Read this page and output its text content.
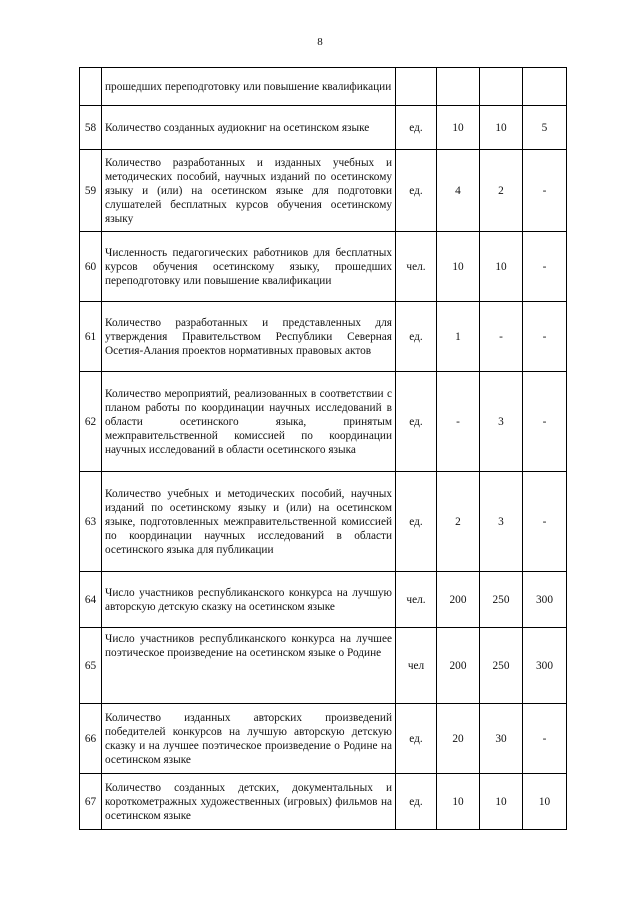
8
	прошедших переподготовку или повышение квалификации				
58	Количество созданных аудиокниг на осетинском языке	ед.	10	10	5
59	Количество разработанных и изданных учебных и методических пособий, научных изданий по осетинскому языку и (или) на осетинском языке для подготовки слушателей бесплатных курсов обучения осетинскому языку	ед.	4	2	-
60	Численность педагогических работников для бесплатных курсов обучения осетинскому языку, прошедших переподготовку или повышение квалификации	чел.	10	10	-
61	Количество разработанных и представленных для утверждения Правительством Республики Северная Осетия-Алания проектов нормативных правовых актов	ед.	1	-	-
62	Количество мероприятий, реализованных в соответствии с планом работы по координации научных исследований в области осетинского языка, принятым межправительственной комиссией по координации научных исследований в области осетинского языка	ед.	-	3	-
63	Количество учебных и методических пособий, научных изданий по осетинскому языку и (или) на осетинском языке, подготовленных межправительственной комиссией по координации научных исследований в области осетинского языка для публикации	ед.	2	3	-
64	Число участников республиканского конкурса на лучшую авторскую детскую сказку на осетинском языке	чел.	200	250	300
65	Число участников республиканского конкурса на лучшее поэтическое произведение на осетинском языке о Родине	чел	200	250	300
66	Количество изданных авторских произведений победителей конкурсов на лучшую авторскую детскую сказку и на лучшее поэтическое произведение о Родине на осетинском языке	ед.	20	30	-
67	Количество созданных детских, документальных и короткометражных художественных (игровых) фильмов на осетинском языке	ед.	10	10	10
